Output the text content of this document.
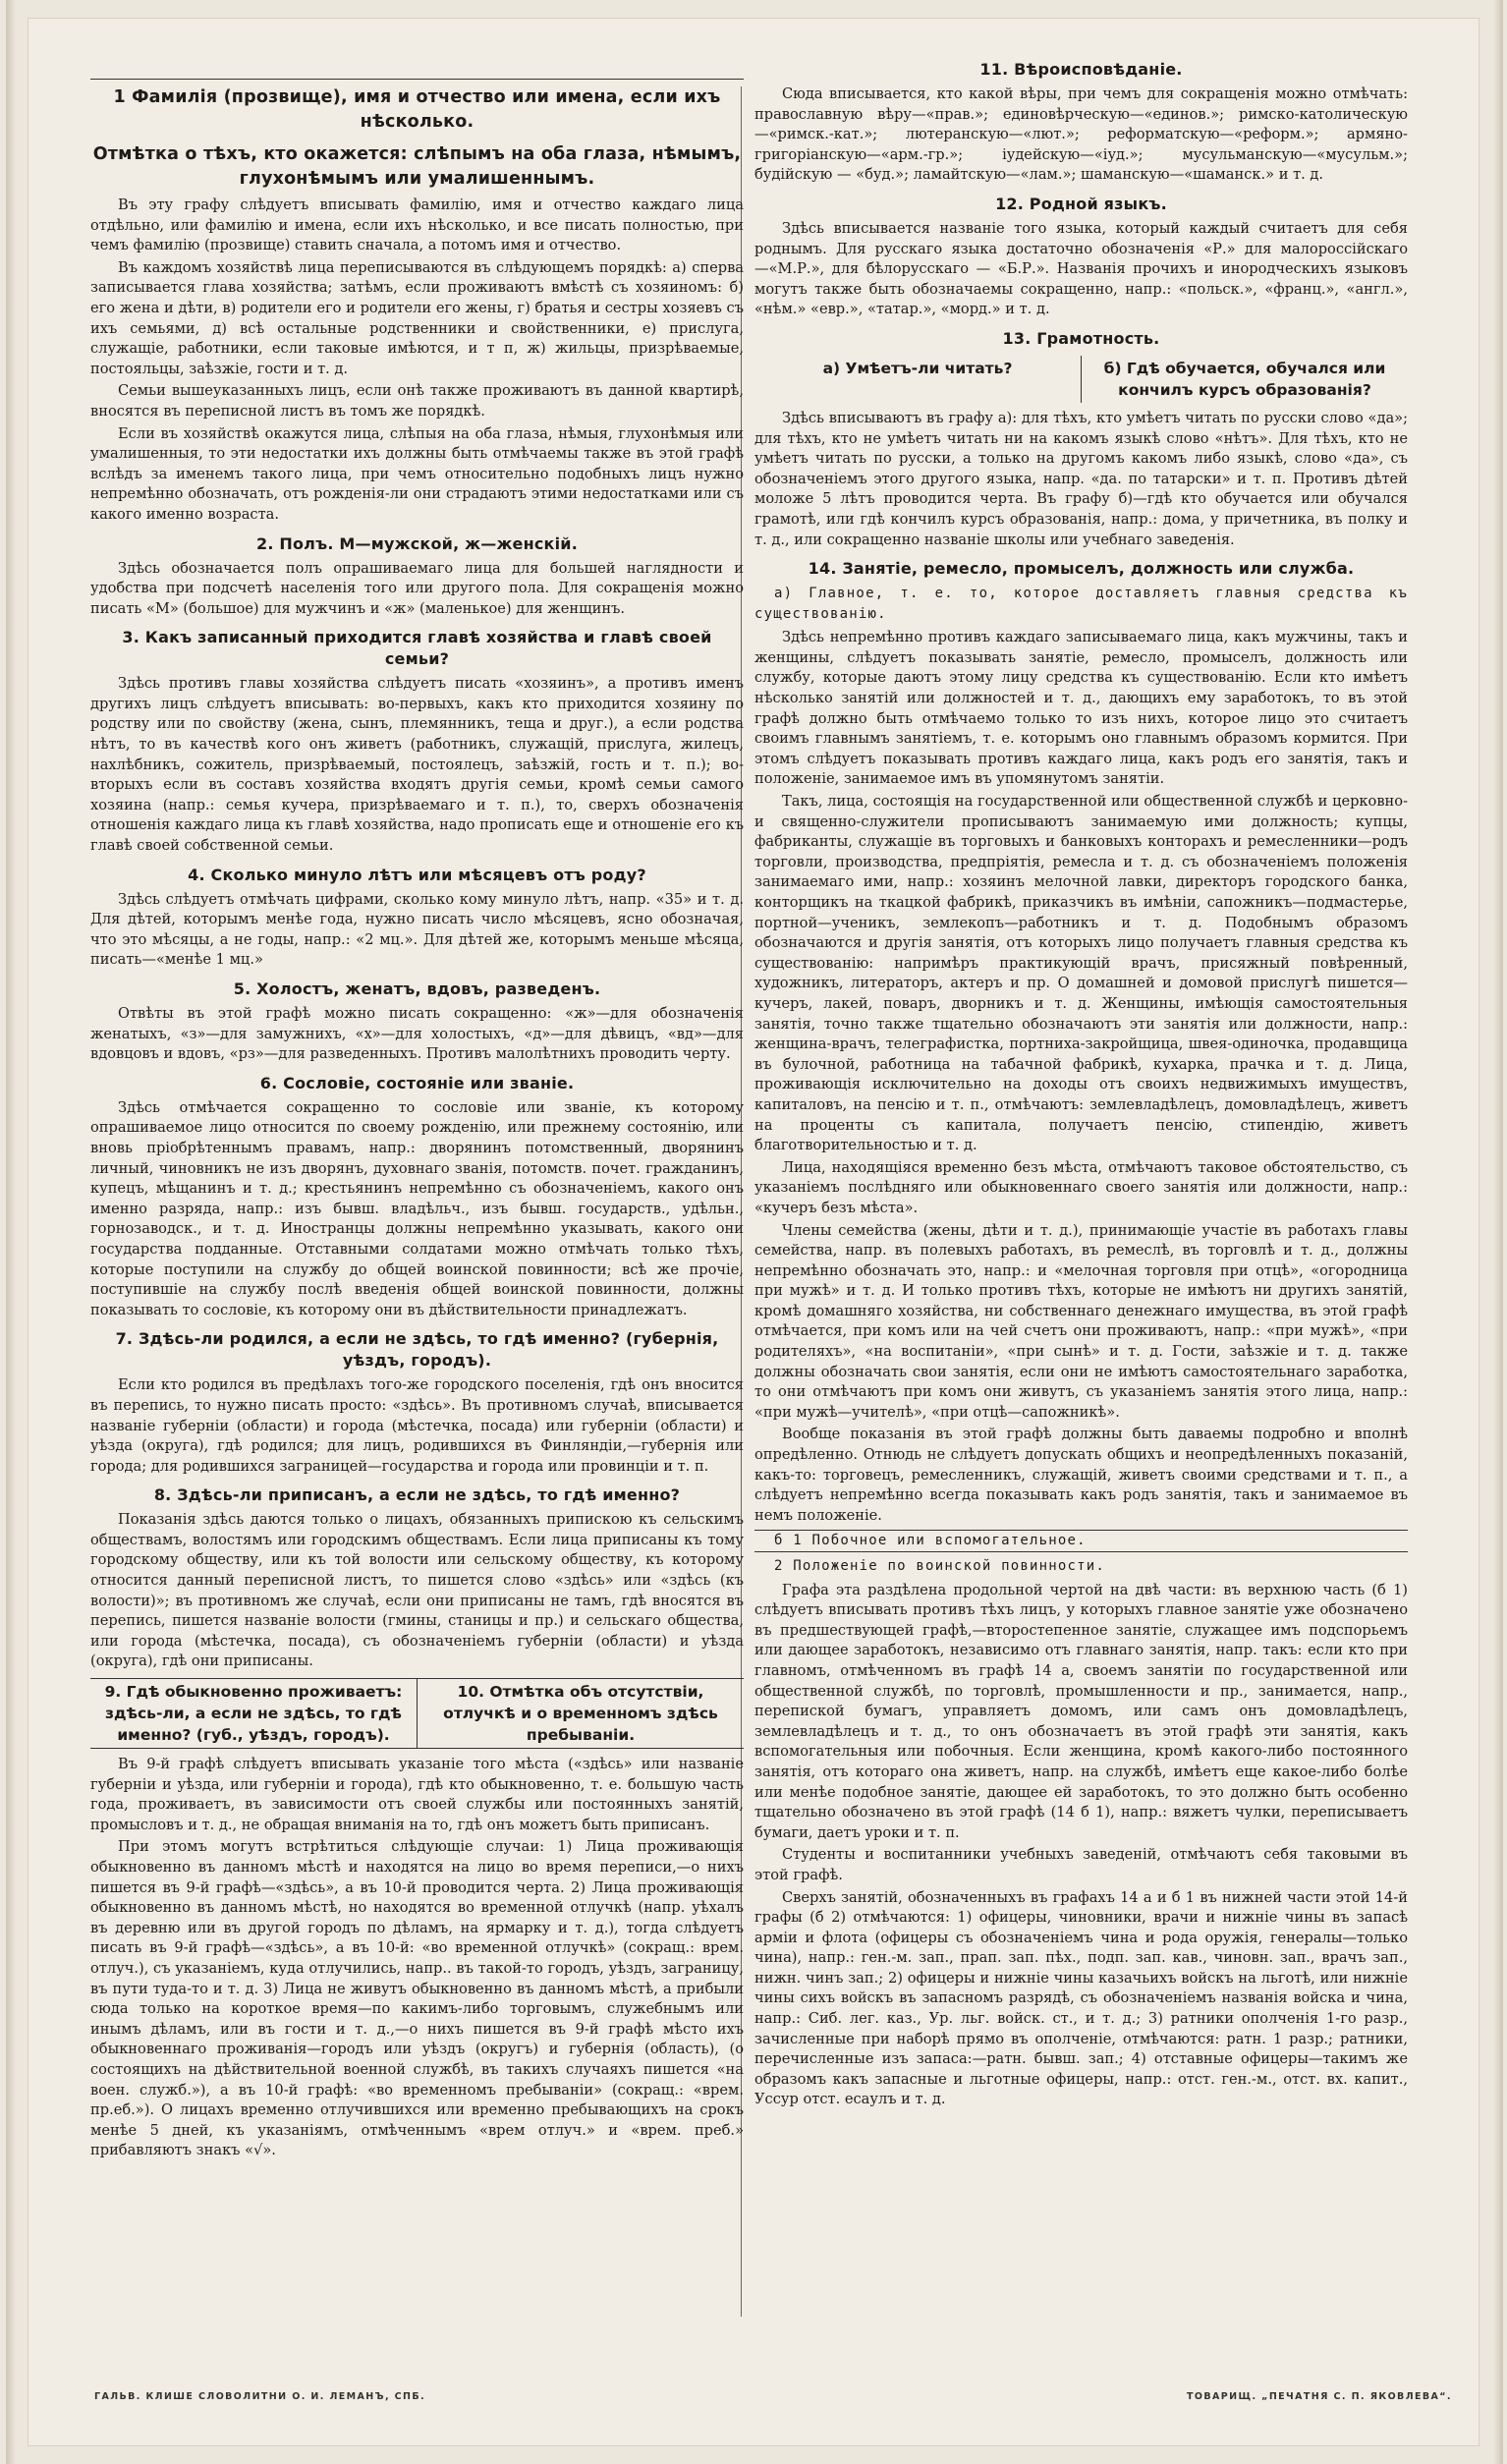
1 Фамилія (прозвище), имя и отчество или имена, если ихъ нѣсколько.
Отмѣтка о тѣхъ, кто окажется: слѣпымъ на оба глаза, нѣмымъ, глухонѣмымъ или умалишеннымъ.

Въ эту графу слѣдуетъ вписывать фамилію, имя и отчество каждаго лица отдѣльно, или фамилію и имена, если ихъ нѣсколько, и все писать полностью, при чемъ фамилію (прозвище) ставить сначала, а потомъ имя и отчество.

Въ каждомъ хозяйствѣ лица переписываются въ слѣдующемъ порядкѣ: а) сперва записывается глава хозяйства; затѣмъ, если проживаютъ вмѣстѣ съ хозяиномъ: б) его жена и дѣти, в) родители его и родители его жены, г) братья и сестры хозяевъ съ ихъ семьями, д) всѣ остальные родственники и свойственники, е) прислуга, служащіе, работники, если таковые имѣются, и т п, ж) жильцы, призрѣваемые, постояльцы, заѣзжіе, гости и т. д.

Семьи вышеуказанныхъ лицъ, если онѣ также проживаютъ въ данной квартирѣ, вносятся въ переписной листъ въ томъ же порядкѣ.

Если въ хозяйствѣ окажутся лица, слѣпыя на оба глаза, нѣмыя, глухонѣмыя или умалишенныя, то эти недостатки ихъ должны быть отмѣчаемы также въ этой графѣ вслѣдъ за именемъ такого лица, при чемъ относительно подобныхъ лицъ нужно непремѣнно обозначать, отъ рожденія-ли они страдаютъ этими недостатками или съ какого именно возраста.

2. Полъ. М—мужской, ж—женскій.

Здѣсь обозначается полъ опрашиваемаго лица для большей наглядности и удобства при подсчетѣ населенія того или другого пола. Для сокращенія можно писать «М» (большое) для мужчинъ и «ж» (маленькое) для женщинъ.

3. Какъ записанный приходится главѣ хозяйства и главѣ своей семьи?

Здѣсь противъ главы хозяйства слѣдуетъ писать «хозяинъ», а противъ именъ другихъ лицъ слѣдуетъ вписывать: во-первыхъ, какъ кто приходится хозяину по родству или по свойству (жена, сынъ, племянникъ, теща и друг.), а если родства нѣтъ, то въ качествѣ кого онъ живетъ (работникъ, служащій, прислуга, жилецъ, нахлѣбникъ, сожитель, призрѣваемый, постоялецъ, заѣзжій, гость и т. п.); во-вторыхъ если въ составъ хозяйства входятъ другія семьи, кромѣ семьи самого хозяина (напр.: семья кучера, призрѣваемаго и т. п.), то, сверхъ обозначенія отношенія каждаго лица къ главѣ хозяйства, надо прописать еще и отношеніе его къ главѣ своей собственной семьи.

4. Сколько минуло лѣтъ или мѣсяцевъ отъ роду?

Здѣсь слѣдуетъ отмѣчать цифрами, сколько кому минуло лѣтъ, напр. «35» и т. д. Для дѣтей, которымъ менѣе года, нужно писать число мѣсяцевъ, ясно обозначая, что это мѣсяцы, а не годы, напр.: «2 мц.». Для дѣтей же, которымъ меньше мѣсяца, писать—«менѣе 1 мц.»

5. Холостъ, женатъ, вдовъ, разведенъ.

Отвѣты въ этой графѣ можно писать сокращенно: «ж»—для обозначенія женатыхъ, «з»—для замужнихъ, «х»—для холостыхъ, «д»—для дѣвицъ, «вд»—для вдовцовъ и вдовъ, «рз»—для разведенныхъ. Противъ малолѣтнихъ проводить черту.

6. Сословіе, состояніе или званіе.

Здѣсь отмѣчается сокращенно то сословіе или званіе, къ которому опрашиваемое лицо относится по своему рожденію, или прежнему состоянію, или вновь пріобрѣтеннымъ правамъ, напр.: дворянинъ потомственный, дворянинъ личный, чиновникъ не изъ дворянъ, духовнаго званія, потомств. почет. гражданинъ, купецъ, мѣщанинъ и т. д.; крестьянинъ непремѣнно съ обозначеніемъ, какого онъ именно разряда, напр.: изъ бывш. владѣльч., изъ бывш. государств., удѣльн., горнозаводск., и т. д. Иностранцы должны непремѣнно указывать, какого они государства подданные. Отставными солдатами можно отмѣчать только тѣхъ, которые поступили на службу до общей воинской повинности; всѣ же прочіе, поступившіе на службу послѣ введенія общей воинской повинности, должны показывать то сословіе, къ которому они въ дѣйствительности принадлежатъ.

7. Здѣсь-ли родился, а если не здѣсь, то гдѣ именно? (губернія, уѣздъ, городъ).

Если кто родился въ предѣлахъ того-же городского поселенія, гдѣ онъ вносится въ перепись, то нужно писать просто: «здѣсь». Въ противномъ случаѣ, вписывается названіе губерніи (области) и города (мѣстечка, посада) или губерніи (области) и уѣзда (округа), гдѣ родился; для лицъ, родившихся въ Финляндіи,—губернія или города; для родившихся заграницей—государства и города или провинціи и т. п.

8. Здѣсь-ли приписанъ, а если не здѣсь, то гдѣ именно?

Показанія здѣсь даются только о лицахъ, обязанныхъ припискою къ сельскимъ обществамъ, волостямъ или городскимъ обществамъ. Если лица приписаны къ тому городскому обществу, или къ той волости или сельскому обществу, къ которому относится данный переписной листъ, то пишется слово «здѣсь» или «здѣсь (къ волости)»; въ противномъ же случаѣ, если они приписаны не тамъ, гдѣ вносятся въ перепись, пишется названіе волости (гмины, станицы и пр.) и сельскаго общества, или города (мѣстечка, посада), съ обозначеніемъ губерніи (области) и уѣзда (округа), гдѣ они приписаны.

9. Гдѣ обыкновенно проживаетъ: здѣсь-ли, а если не здѣсь, то гдѣ именно? (губ., уѣздъ, городъ).
10. Отмѣтка объ отсутствіи, отлучкѣ и о временномъ здѣсь пребываніи.

Въ 9-й графѣ слѣдуетъ вписывать указаніе того мѣста («здѣсь» или названіе губерніи и уѣзда, или губерніи и города), гдѣ кто обыкновенно, т. е. большую часть года, проживаетъ, въ зависимости отъ своей службы или постоянныхъ занятій, промысловъ и т. д., не обращая вниманія на то, гдѣ онъ можетъ быть приписанъ.

При этомъ могутъ встрѣтиться слѣдующіе случаи: 1) Лица проживающія обыкновенно въ данномъ мѣстѣ и находятся на лицо во время переписи,—о нихъ пишется въ 9-й графѣ—«здѣсь», а въ 10-й проводится черта. 2) Лица проживающія обыкновенно въ данномъ мѣстѣ, но находятся во временной отлучкѣ (напр. уѣхалъ въ деревню или въ другой городъ по дѣламъ, на ярмарку и т. д.), тогда слѣдуетъ писать въ 9-й графѣ—«здѣсь», а въ 10-й: «во временной отлучкѣ» (сокращ.: врем. отлуч.), съ указаніемъ, куда отлучились, напр.. въ такой-то городъ, уѣздъ, заграницу, въ пути туда-то и т. д. 3) Лица не живутъ обыкновенно въ данномъ мѣстѣ, а прибыли сюда только на короткое время—по какимъ-либо торговымъ, служебнымъ или инымъ дѣламъ, или въ гости и т. д.,—о нихъ пишется въ 9-й графѣ мѣсто ихъ обыкновеннаго проживанія—городъ или уѣздъ (округъ) и губернія (область), (о состоящихъ на дѣйствительной военной службѣ, въ такихъ случаяхъ пишется «на воен. служб.»), а въ 10-й графѣ: «во временномъ пребываніи» (сокращ.: «врем. пр.еб.»). О лицахъ временно отлучившихся или временно пребывающихъ на срокъ менѣе 5 дней, къ указаніямъ, отмѣченнымъ «врем отлуч.» и «врем. преб.» прибавляютъ знакъ «√».

11. Вѣроисповѣданіе.

Сюда вписывается, кто какой вѣры, при чемъ для сокращенія можно отмѣчать: православную вѣру—«прав.»; единовѣрческую—«единов.»; римско-католическую—«римск.-кат.»; лютеранскую—«лют.»; реформатскую—«реформ.»; армяно-григоріанскую—«арм.-гр.»; іудейскую—«іуд.»; мусульманскую—«мусульм.»; будійскую — «буд.»; ламайтскую—«лам.»; шаманскую—«шаманск.» и т. д.

12. Родной языкъ.

Здѣсь вписывается названіе того языка, который каждый считаетъ для себя роднымъ. Для русскаго языка достаточно обозначенія «Р.» для малороссійскаго—«М.Р.», для бѣлорусскаго — «Б.Р.». Названія прочихъ и инородческихъ языковъ могутъ также быть обозначаемы сокращенно, напр.: «польск.», «франц.», «англ.», «нѣм.» «евр.», «татар.», «морд.» и т. д.

13. Грамотность.
а) Умѣетъ-ли читать?	б) Гдѣ обучается, обучался или кончилъ курсъ образованія?

Здѣсь вписываютъ въ графу а): для тѣхъ, кто умѣетъ читать по русски слово «да»; для тѣхъ, кто не умѣетъ читать ни на какомъ языкѣ слово «нѣтъ». Для тѣхъ, кто не умѣетъ читать по русски, а только на другомъ какомъ либо языкѣ, слово «да», съ обозначеніемъ этого другого языка, напр. «да. по татарски» и т. п. Противъ дѣтей моложе 5 лѣтъ проводится черта. Въ графу б)—гдѣ кто обучается или обучался грамотѣ, или гдѣ кончилъ курсъ образованія, напр.: дома, у причетника, въ полку и т. д., или сокращенно названіе школы или учебнаго заведенія.

14. Занятіе, ремесло, промыселъ, должность или служба.
а) Главное, т. е. то, которое доставляетъ главныя средства къ существованію.

Здѣсь непремѣнно противъ каждаго записываемаго лица, какъ мужчины, такъ и женщины, слѣдуетъ показывать занятіе, ремесло, промыселъ, должность или службу, которые даютъ этому лицу средства къ существованію. Если кто имѣетъ нѣсколько занятій или должностей и т. д., дающихъ ему заработокъ, то въ этой графѣ должно быть отмѣчаемо только то изъ нихъ, которое лицо это считаетъ своимъ главнымъ занятіемъ, т. е. которымъ оно главнымъ образомъ кормится. При этомъ слѣдуетъ показывать противъ каждаго лица, какъ родъ его занятія, такъ и положеніе, занимаемое имъ въ упомянутомъ занятіи.

Такъ, лица, состоящія на государственной или общественной службѣ и церковно-и священно-служители прописываютъ занимаемую ими должность; купцы, фабриканты, служащіе въ торговыхъ и банковыхъ конторахъ и ремесленники—родъ торговли, производства, предпріятія, ремесла и т. д. съ обозначеніемъ положенія занимаемаго ими, напр.: хозяинъ мелочной лавки, директоръ городского банка, конторщикъ на ткацкой фабрикѣ, приказчикъ въ имѣніи, сапожникъ—подмастерье, портной—ученикъ, землекопъ—работникъ и т. д. Подобнымъ образомъ обозначаются и другія занятія, отъ которыхъ лицо получаетъ главныя средства къ существованію: напримѣръ практикующій врачъ, присяжный повѣренный, художникъ, литераторъ, актеръ и пр. О домашней и домовой прислугѣ пишется—кучеръ, лакей, поваръ, дворникъ и т. д. Женщины, имѣющія самостоятельныя занятія, точно также тщательно обозначаютъ эти занятія или должности, напр.: женщина-врачъ, телеграфистка, портниха-закройщица, швея-одиночка, продавщица въ булочной, работница на табачной фабрикѣ, кухарка, прачка и т. д. Лица, проживающія исключительно на доходы отъ своихъ недвижимыхъ имуществъ, капиталовъ, на пенсію и т. п., отмѣчаютъ: землевладѣлецъ, домовладѣлецъ, живетъ на проценты съ капитала, получаетъ пенсію, стипендію, живетъ благотворительностью и т. д.

Лица, находящіяся временно безъ мѣста, отмѣчаютъ таковое обстоятельство, съ указаніемъ послѣдняго или обыкновеннаго своего занятія или должности, напр.: «кучеръ безъ мѣста».

Члены семейства (жены, дѣти и т. д.), принимающіе участіе въ работахъ главы семейства, напр. въ полевыхъ работахъ, въ ремеслѣ, въ торговлѣ и т. д., должны непремѣнно обозначать это, напр.: и «мелочная торговля при отцѣ», «огородница при мужѣ» и т. д. И только противъ тѣхъ, которые не имѣютъ ни другихъ занятій, кромѣ домашняго хозяйства, ни собственнаго денежнаго имущества, въ этой графѣ отмѣчается, при комъ или на чей счетъ они проживаютъ, напр.: «при мужѣ», «при родителяхъ», «на воспитаніи», «при сынѣ» и т. д. Гости, заѣзжіе и т. д. также должны обозначать свои занятія, если они не имѣютъ самостоятельнаго заработка, то они отмѣчаютъ при комъ они живутъ, съ указаніемъ занятія этого лица, напр.: «при мужѣ—учителѣ», «при отцѣ—сапожникѣ».

Вообще показанія въ этой графѣ должны быть даваемы подробно и вполнѣ опредѣленно. Отнюдь не слѣдуетъ допускать общихъ и неопредѣленныхъ показаній, какъ-то: торговецъ, ремесленникъ, служащій, живетъ своими средствами и т. п., а слѣдуетъ непремѣнно всегда показывать какъ родъ занятія, такъ и занимаемое въ немъ положеніе.

б 1 Побочное или вспомогательное.
2 Положеніе по воинской повинности.

Графа эта раздѣлена продольной чертой на двѣ части: въ верхнюю часть (б 1) слѣдуетъ вписывать противъ тѣхъ лицъ, у которыхъ главное занятіе уже обозначено въ предшествующей графѣ,—второстепенное занятіе, служащее имъ подспорьемъ или дающее заработокъ, независимо отъ главнаго занятія, напр. такъ: если кто при главномъ, отмѣченномъ въ графѣ 14 а, своемъ занятіи по государственной или общественной службѣ, по торговлѣ, промышленности и пр., занимается, напр., перепиской бумагъ, управляетъ домомъ, или самъ онъ домовладѣлецъ, землевладѣлецъ и т. д., то онъ обозначаетъ въ этой графѣ эти занятія, какъ вспомогательныя или побочныя. Если женщина, кромѣ какого-либо постоянного занятія, отъ котораго она живетъ, напр. на службѣ, имѣетъ еще какое-либо болѣе или менѣе подобное занятіе, дающее ей заработокъ, то это должно быть особенно тщательно обозначено въ этой графѣ (14 б 1), напр.: вяжетъ чулки, переписываетъ бумаги, даетъ уроки и т. п.

Студенты и воспитанники учебныхъ заведеній, отмѣчаютъ себя таковыми въ этой графѣ.

Сверхъ занятій, обозначенныхъ въ графахъ 14 а и б 1 въ нижней части этой 14-й графы (б 2) отмѣчаются: 1) офицеры, чиновники, врачи и нижніе чины въ запасѣ арміи и флота (офицеры съ обозначеніемъ чина и рода оружія, генералы—только чина), напр.: ген.-м. зап., прап. зап. пѣх., подп. зап. кав., чиновн. зап., врачъ зап., нижн. чинъ зап.; 2) офицеры и нижніе чины казачьихъ войскъ на льготѣ, или нижніе чины сихъ войскъ въ запасномъ разрядѣ, съ обозначеніемъ названія войска и чина, напр.: Сиб. лег. каз., Ур. льг. войск. ст., и т. д.; 3) ратники ополченія 1-го разр., зачисленные при наборѣ прямо въ ополченіе, отмѣчаются: ратн. 1 разр.; ратники, перечисленные изъ запаса:—ратн. бывш. зап.; 4) отставные офицеры—такимъ же образомъ какъ запасные и льготные офицеры, напр.: отст. ген.-м., отст. вх. капит., Уссур отст. есаулъ и т. д.

ГАЛЬВ. КЛИШЕ СЛОВОЛИТНИ О. И. ЛЕМАНЪ, СПБ.	ТОВАРИЩ. „ПЕЧАТНЯ С. П. ЯКОВЛЕВА“.
